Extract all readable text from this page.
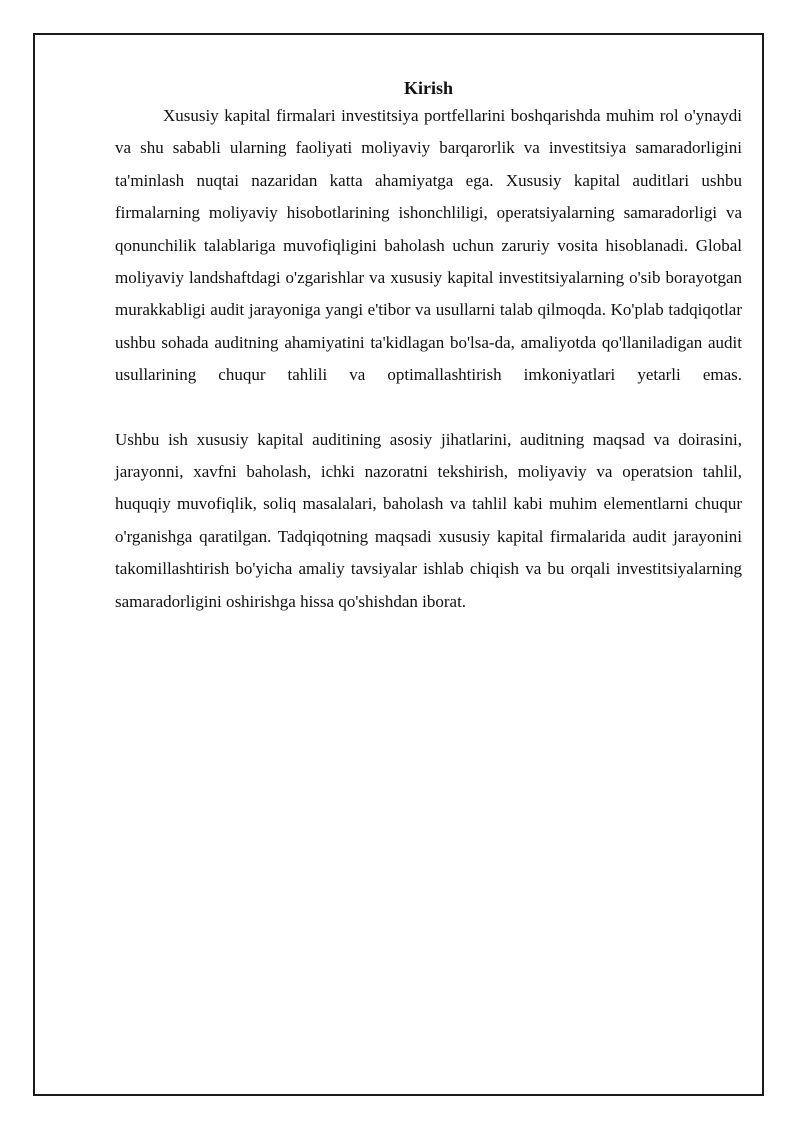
Kirish

Xususiy kapital firmalari investitsiya portfellarini boshqarishda muhim rol o'ynaydi va shu sababli ularning faoliyati moliyaviy barqarorlik va investitsiya samaradorligini ta'minlash nuqtai nazaridan katta ahamiyatga ega. Xususiy kapital auditlari ushbu firmalarning moliyaviy hisobotlarining ishonchliligi, operatsiyalarning samaradorligi va qonunchilik talablariga muvofiqligini baholash uchun zaruriy vosita hisoblanadi. Global moliyaviy landshaftdagi o'zgarishlar va xususiy kapital investitsiyalarning o'sib borayotgan murakkabligi audit jarayoniga yangi e'tibor va usullarni talab qilmoqda. Ko'plab tadqiqotlar ushbu sohada auditning ahamiyatini ta'kidlagan bo'lsa-da, amaliyotda qo'llaniladigan audit usullarining chuqur tahlili va optimallashtirish imkoniyatlari yetarli emas.

Ushbu ish xususiy kapital auditining asosiy jihatlarini, auditning maqsad va doirasini, jarayonni, xavfni baholash, ichki nazoratni tekshirish, moliyaviy va operatsion tahlil, huquqiy muvofiqlik, soliq masalalari, baholash va tahlil kabi muhim elementlarni chuqur o'rganishga qaratilgan. Tadqiqotning maqsadi xususiy kapital firmalarida audit jarayonini takomillashtirish bo'yicha amaliy tavsiyalar ishlab chiqish va bu orqali investitsiyalarning samaradorligini oshirishga hissa qo'shishdan iborat.
